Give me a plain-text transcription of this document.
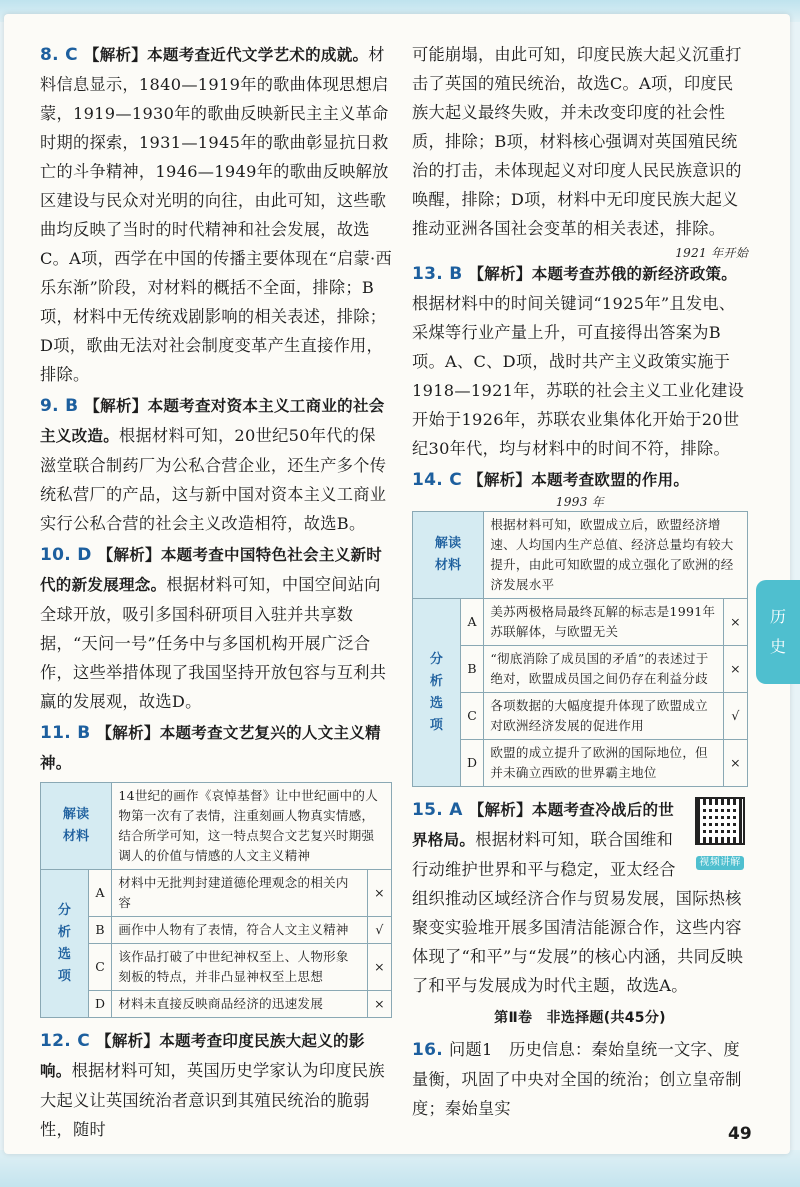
8. C 【解析】本题考查近代文学艺术的成就。材料信息显示，1840—1919年的歌曲体现思想启蒙，1919—1930年的歌曲反映新民主主义革命时期的探索，1931—1945年的歌曲彰显抗日救亡的斗争精神，1946—1949年的歌曲反映解放区建设与民众对光明的向往，由此可知，这些歌曲均反映了当时的时代精神和社会发展，故选C。A项，西学在中国的传播主要体现在“启蒙·西乐东渐”阶段，对材料的概括不全面，排除；B项，材料中无传统戏剧影响的相关表述，排除；D项，歌曲无法对社会制度变革产生直接作用，排除。
9. B 【解析】本题考查对资本主义工商业的社会主义改造。根据材料可知，20世纪50年代的保滋堂联合制药厂为公私合营企业，还生产多个传统私营厂的产品，这与新中国对资本主义工商业实行公私合营的社会主义改造相符，故选B。
10. D 【解析】本题考查中国特色社会主义新时代的新发展理念。根据材料可知，中国空间站向全球开放，吸引多国科研项目入驻并共享数据，“天问一号”任务中与多国机构开展广泛合作，这些举措体现了我国坚持开放包容与互利共赢的发展观，故选D。
11. B 【解析】本题考查文艺复兴的人文主义精神。
解读
材料		14世纪的画作《哀悼基督》让中世纪画中的人物第一次有了表情，注重刻画人物真实情感，结合所学可知，这一特点契合文艺复兴时期强调人的价值与情感的人文主义精神	
分
析
选
项	A	材料中无批判封建道德伦理观念的相关内容	×
	B	画作中人物有了表情，符合人文主义精神	√
	C	该作品打破了中世纪神权至上、人物形象刻板的特点，并非凸显神权至上思想	×
	D	材料未直接反映商品经济的迅速发展	×
12. C 【解析】本题考查印度民族大起义的影响。根据材料可知，英国历史学家认为印度民族大起义让英国统治者意识到其殖民统治的脆弱性，随时
可能崩塌，由此可知，印度民族大起义沉重打击了英国的殖民统治，故选C。A项，印度民族大起义最终失败，并未改变印度的社会性质，排除；B项，材料核心强调对英国殖民统治的打击，未体现起义对印度人民民族意识的唤醒，排除；D项，材料中无印度民族大起义推动亚洲各国社会变革的相关表述，排除。
1921 年开始
13. B 【解析】本题考查苏俄的新经济政策。根据材料中的时间关键词“1925年”且发电、采煤等行业产量上升，可直接得出答案为B项。A、C、D项，战时共产主义政策实施于1918—1921年，苏联的社会主义工业化建设开始于1926年，苏联农业集体化开始于20世纪30年代，均与材料中的时间不符，排除。
14. C 【解析】本题考查欧盟的作用。
1993 年
解读
材料		根据材料可知，欧盟成立后，欧盟经济增速、人均国内生产总值、经济总量均有较大提升，由此可知欧盟的成立强化了欧洲的经济发展水平	
分
析
选
项	A	美苏两极格局最终瓦解的标志是1991年苏联解体，与欧盟无关	×
	B	“彻底消除了成员国的矛盾”的表述过于绝对，欧盟成员国之间仍存在利益分歧	×
	C	各项数据的大幅度提升体现了欧盟成立对欧洲经济发展的促进作用	√
	D	欧盟的成立提升了欧洲的国际地位，但并未确立西欧的世界霸主地位	×
视频讲解
15. A 【解析】本题考查冷战后的世界格局。根据材料可知，联合国维和行动维护世界和平与稳定，亚太经合组织推动区域经济合作与贸易发展，国际热核聚变实验堆开展多国清洁能源合作，这些内容体现了“和平”与“发展”的核心内涵，共同反映了和平与发展成为时代主题，故选A。
第Ⅱ卷　非选择题(共45分)
16. 问题1　历史信息：秦始皇统一文字、度量衡，巩固了中央对全国的统治；创立皇帝制度；秦始皇实
历
史
49
